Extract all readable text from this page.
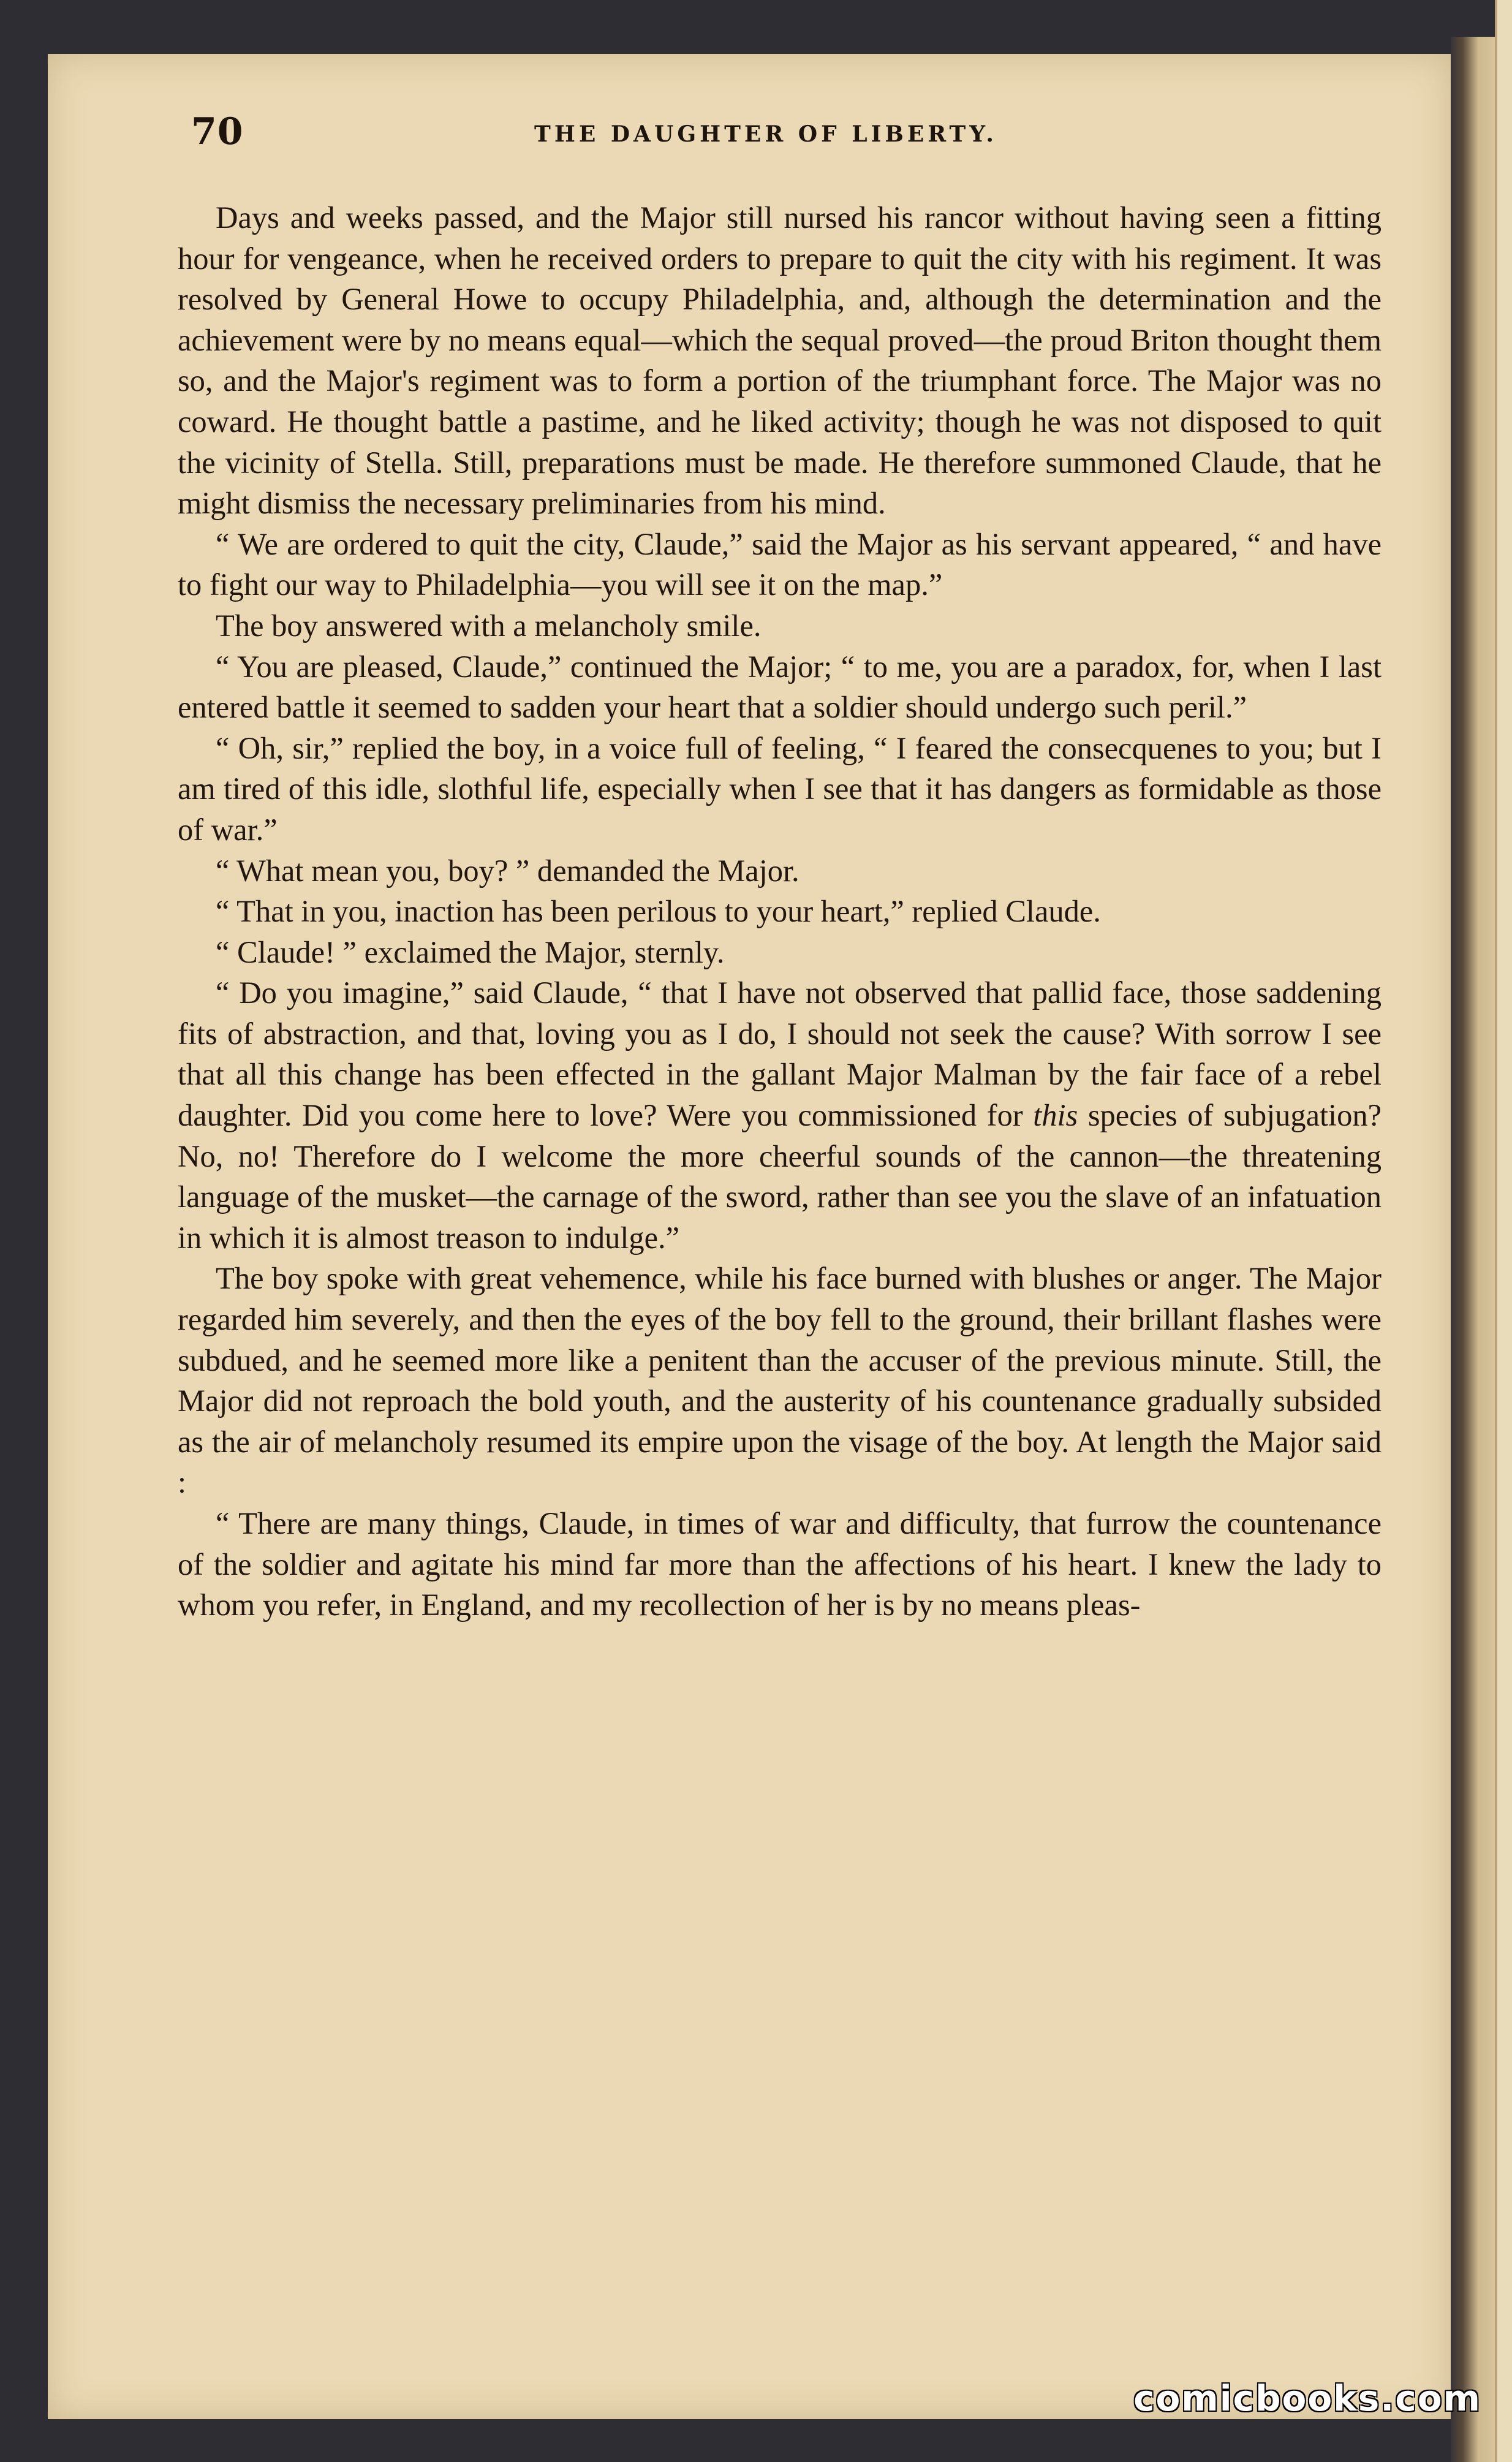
70	THE DAUGHTER OF LIBERTY.

Days and weeks passed, and the Major still nursed his rancor without having seen a fitting hour for vengeance, when he received orders to prepare to quit the city with his regiment. It was resolved by General Howe to occupy Philadelphia, and, although the determination and the achievement were by no means equal—which the sequal proved—the proud Briton thought them so, and the Major's regiment was to form a portion of the triumphant force. The Major was no coward. He thought battle a pastime, and he liked activity; though he was not disposed to quit the vicinity of Stella. Still, preparations must be made. He therefore summoned Claude, that he might dismiss the necessary preliminaries from his mind.

“ We are ordered to quit the city, Claude,” said the Major as his servant appeared, “ and have to fight our way to Philadelphia—you will see it on the map.”

The boy answered with a melancholy smile.

“ You are pleased, Claude,” continued the Major; “ to me, you are a paradox, for, when I last entered battle it seemed to sadden your heart that a soldier should undergo such peril.”

“ Oh, sir,” replied the boy, in a voice full of feeling, “ I feared the consecquenes to you; but I am tired of this idle, slothful life, especially when I see that it has dangers as formidable as those of war.”

“ What mean you, boy? ” demanded the Major.

“ That in you, inaction has been perilous to your heart,” replied Claude.

“ Claude! ” exclaimed the Major, sternly.

“ Do you imagine,” said Claude, “ that I have not observed that pallid face, those saddening fits of abstraction, and that, loving you as I do, I should not seek the cause? With sorrow I see that all this change has been effected in the gallant Major Malman by the fair face of a rebel daughter. Did you come here to love? Were you commissioned for this species of subjugation? No, no! Therefore do I welcome the more cheerful sounds of the cannon—the threatening language of the musket—the carnage of the sword, rather than see you the slave of an infatuation in which it is almost treason to indulge.”

The boy spoke with great vehemence, while his face burned with blushes or anger. The Major regarded him severely, and then the eyes of the boy fell to the ground, their brillant flashes were subdued, and he seemed more like a penitent than the accuser of the previous minute. Still, the Major did not reproach the bold youth, and the austerity of his countenance gradually subsided as the air of melancholy resumed its empire upon the visage of the boy. At length the Major said :

“ There are many things, Claude, in times of war and difficulty, that furrow the countenance of the soldier and agitate his mind far more than the affections of his heart. I knew the lady to whom you refer, in England, and my recollection of her is by no means pleas-

comicbooks.com
